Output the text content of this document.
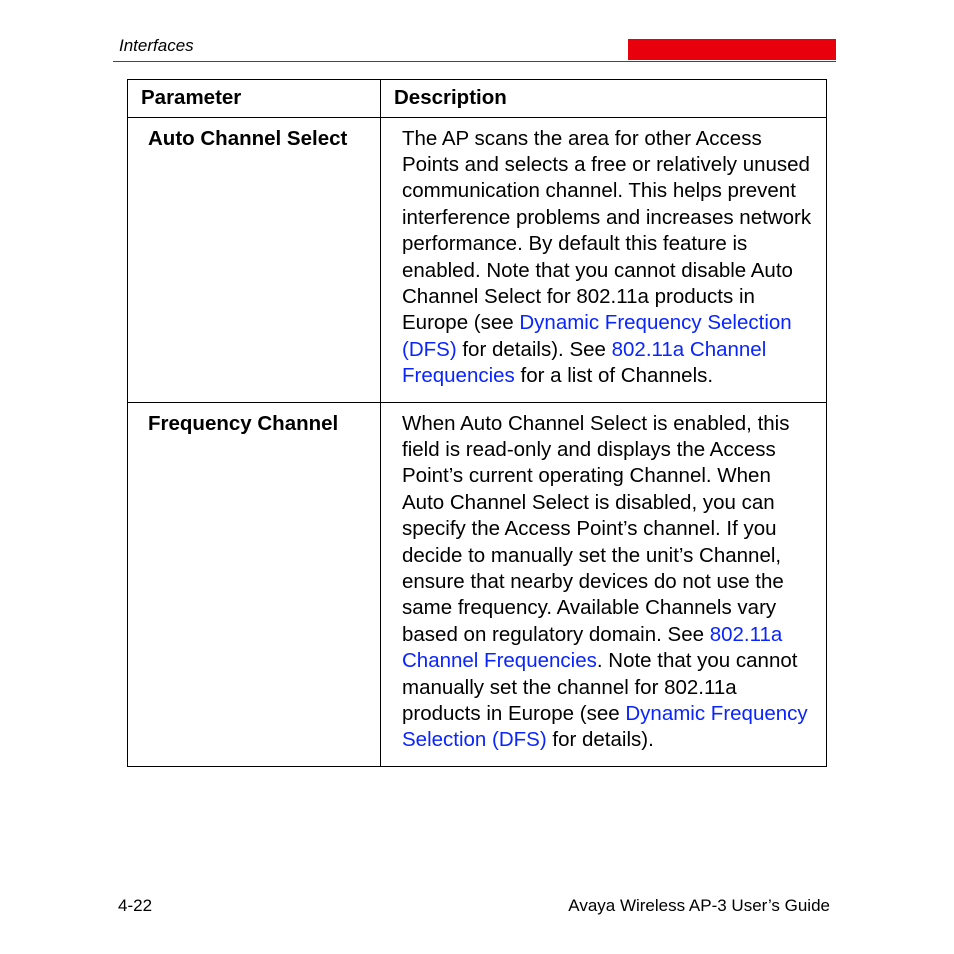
Interfaces
Parameter	Description

Auto Channel Select	The AP scans the area for other Access Points and selects a free or relatively unused communication channel. This helps prevent interference problems and increases network performance. By default this feature is enabled. Note that you cannot disable Auto Channel Select for 802.11a products in Europe (see Dynamic Frequency Selection (DFS) for details). See 802.11a Channel Frequencies for a list of Channels.
Frequency Channel	When Auto Channel Select is enabled, this field is read-only and displays the Access Point’s current operating Channel. When Auto Channel Select is disabled, you can specify the Access Point’s channel. If you decide to manually set the unit’s Channel, ensure that nearby devices do not use the same frequency. Available Channels vary based on regulatory domain. See 802.11a Channel Frequencies. Note that you cannot manually set the channel for 802.11a products in Europe (see Dynamic Frequency Selection (DFS) for details).
4-22	Avaya Wireless AP-3 User’s Guide
